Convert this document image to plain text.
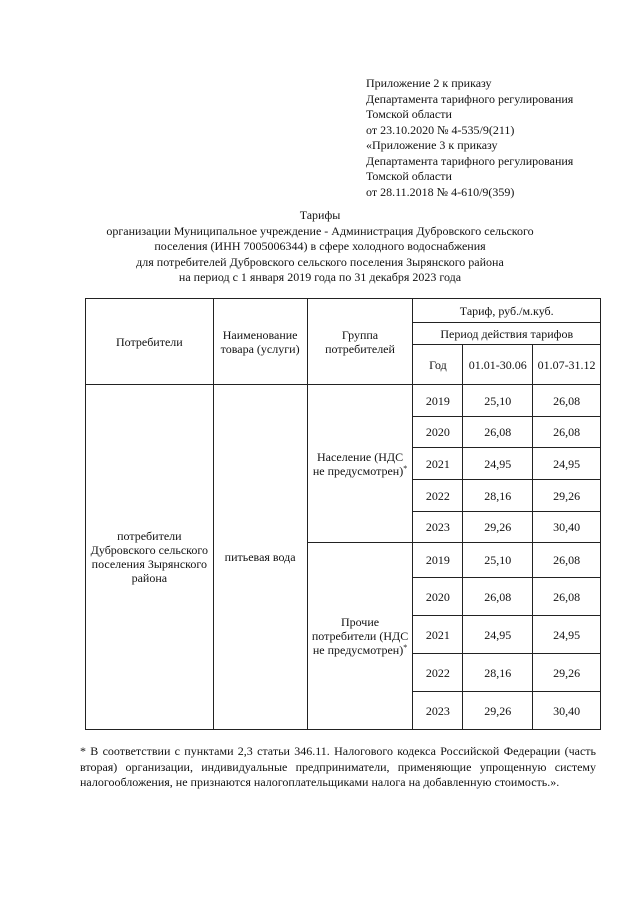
Приложение 2 к приказу
Департамента тарифного регулирования
Томской области
от 23.10.2020 № 4-535/9(211)
«Приложение 3 к приказу
Департамента тарифного регулирования
Томской области
от 28.11.2018 № 4-610/9(359)
Тарифы
организации Муниципальное учреждение - Администрация Дубровского сельского
поселения (ИНН 7005006344) в сфере холодного водоснабжения
для потребителей Дубровского сельского поселения Зырянского района
на период с 1 января 2019 года по 31 декабря 2023 года
Потребители	Наименование товара (услуги)	Группа потребителей	Тариф, руб./м.куб.		
			Период действия тарифов		
			Год	01.01-30.06	01.07-31.12
потребители Дубровского сельского поселения Зырянского района	питьевая вода	Население (НДС не предусмотрен)*	2019	25,10	26,08
			2020	26,08	26,08
			2021	24,95	24,95
			2022	28,16	29,26
			2023	29,26	30,40
		Прочие потребители (НДС не предусмотрен)*	2019	25,10	26,08
			2020	26,08	26,08
			2021	24,95	24,95
			2022	28,16	29,26
			2023	29,26	30,40
* В соответствии с пунктами 2,3 статьи 346.11. Налогового кодекса Российской Федерации (часть вторая) организации, индивидуальные предприниматели, применяющие упрощенную систему налогообложения, не признаются налогоплательщиками налога на добавленную стоимость.».
